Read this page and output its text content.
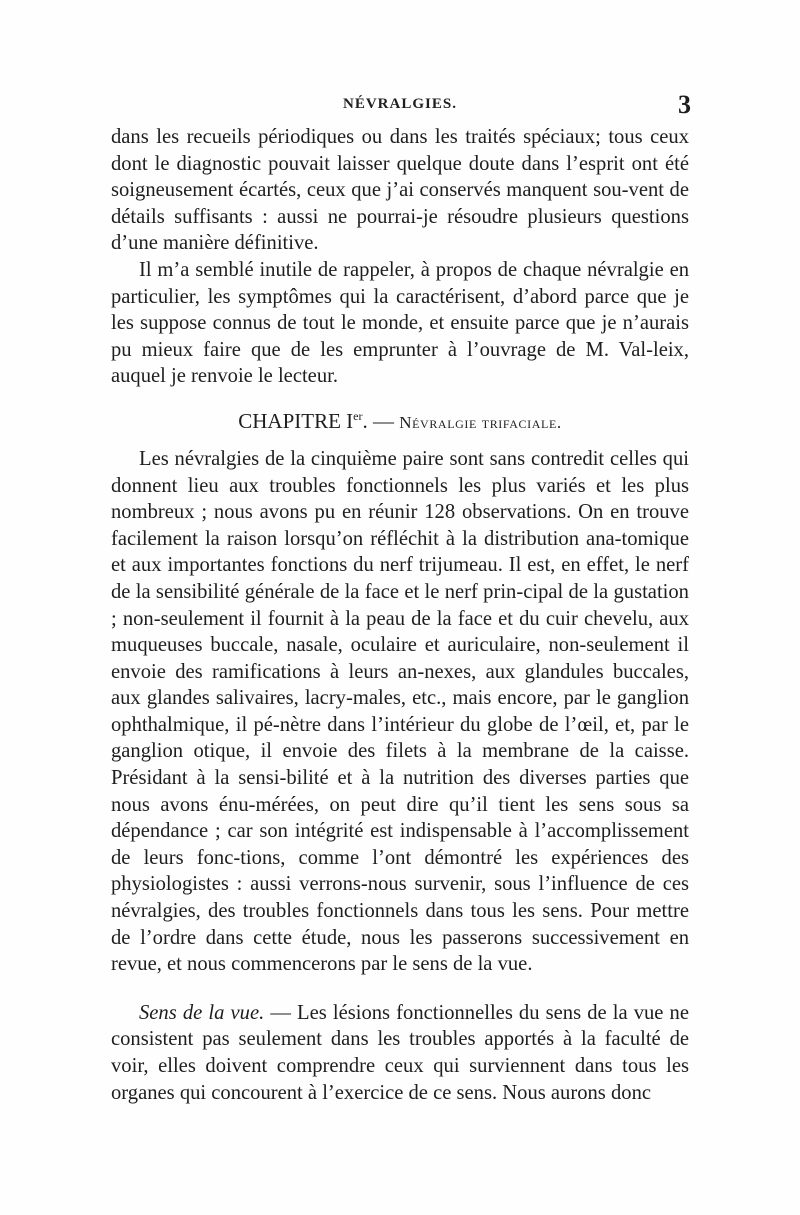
NÉVRALGIES.	3

dans les recueils périodiques ou dans les traités spéciaux; tous ceux dont le diagnostic pouvait laisser quelque doute dans l’esprit ont été soigneusement écartés, ceux que j’ai conservés manquent sou-vent de détails suffisants : aussi ne pourrai-je résoudre plusieurs questions d’une manière définitive.

Il m’a semblé inutile de rappeler, à propos de chaque névralgie en particulier, les symptômes qui la caractérisent, d’abord parce que je les suppose connus de tout le monde, et ensuite parce que je n’aurais pu mieux faire que de les emprunter à l’ouvrage de M. Val-leix, auquel je renvoie le lecteur.

CHAPITRE Ier. — Névralgie trifaciale.

Les névralgies de la cinquième paire sont sans contredit celles qui donnent lieu aux troubles fonctionnels les plus variés et les plus nombreux ; nous avons pu en réunir 128 observations. On en trouve facilement la raison lorsqu’on réfléchit à la distribution ana-tomique et aux importantes fonctions du nerf trijumeau. Il est, en effet, le nerf de la sensibilité générale de la face et le nerf prin-cipal de la gustation ; non-seulement il fournit à la peau de la face et du cuir chevelu, aux muqueuses buccale, nasale, oculaire et auriculaire, non-seulement il envoie des ramifications à leurs an-nexes, aux glandules buccales, aux glandes salivaires, lacry-males, etc., mais encore, par le ganglion ophthalmique, il pé-nètre dans l’intérieur du globe de l’œil, et, par le ganglion otique, il envoie des filets à la membrane de la caisse. Présidant à la sensi-bilité et à la nutrition des diverses parties que nous avons énu-mérées, on peut dire qu’il tient les sens sous sa dépendance ; car son intégrité est indispensable à l’accomplissement de leurs fonc-tions, comme l’ont démontré les expériences des physiologistes : aussi verrons-nous survenir, sous l’influence de ces névralgies, des troubles fonctionnels dans tous les sens. Pour mettre de l’ordre dans cette étude, nous les passerons successivement en revue, et nous commencerons par le sens de la vue.

Sens de la vue. — Les lésions fonctionnelles du sens de la vue ne consistent pas seulement dans les troubles apportés à la faculté de voir, elles doivent comprendre ceux qui surviennent dans tous les organes qui concourent à l’exercice de ce sens. Nous aurons donc
